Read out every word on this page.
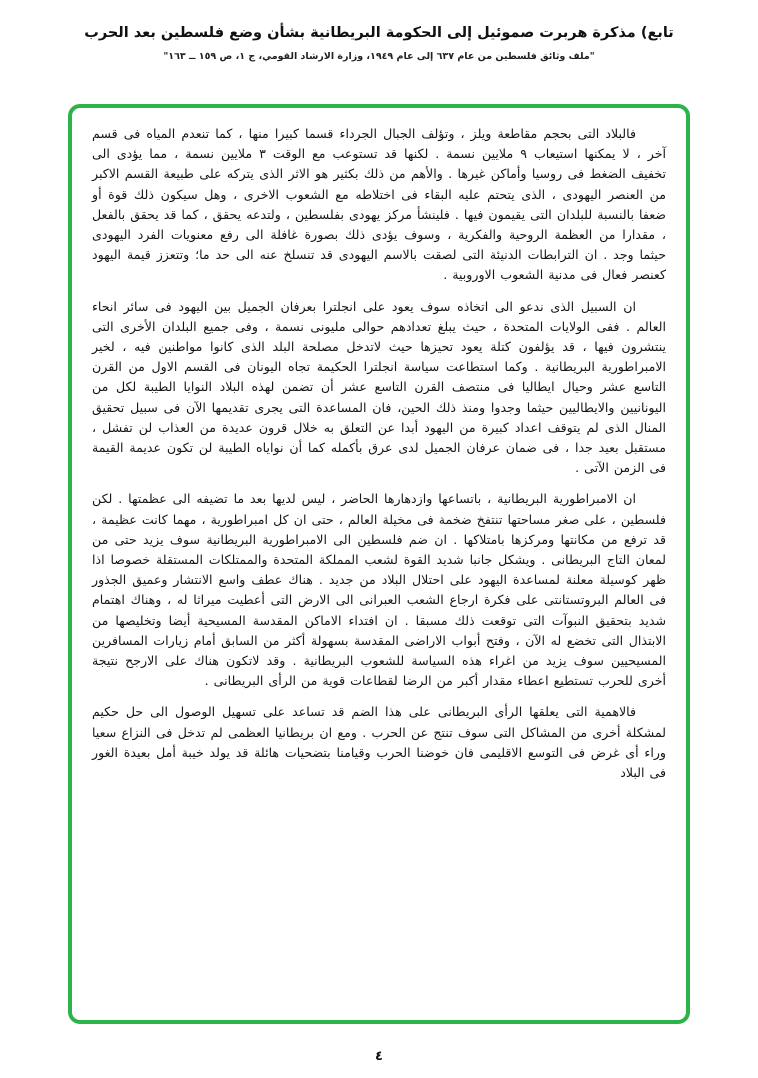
تابع) مذكرة هربرت صموئيل إلى الحكومة البريطانية بشأن وضع فلسطين بعد الحرب
"ملف وثائق فلسطين من عام ٦٣٧ إلى عام ١٩٤٩، وزارة الارشاد القومي، ج ١، ص ١٥٩ ــ ١٦٣"

فالبلاد التى بحجم مقاطعة ويلز ، وتؤلف الجبال الجرداء قسما كبيرا منها ، كما تنعدم المياه فى قسم آخر ، لا يمكنها استيعاب ٩ ملايين نسمة . لكنها قد تستوعب مع الوقت ٣ ملايين نسمة ، مما يؤدى الى تخفيف الضغط فى روسيا وأماكن غيرها . والأهم من ذلك بكثير هو الاثر الذى يتركه على طبيعة القسم الاكبر من العنصر اليهودى ، الذى يتحتم عليه البقاء فى اختلاطه مع الشعوب الاخرى ، وهل سيكون ذلك قوة أو ضعفا بالنسبة للبلدان التى يقيمون فيها . فلينشأ مركز يهودى بفلسطين ، ولتدعه يحقق ، كما قد يحقق بالفعل ، مقدارا من العظمة الروحية والفكرية ، وسوف يؤدى ذلك بصورة غافلة الى رفع معنويات الفرد اليهودى حيثما وجد . ان الترابطات الدنيئة التى لصقت بالاسم اليهودى قد تنسلخ عنه الى حد ما؛ وتتعزز قيمة اليهود كعنصر فعال فى مدنية الشعوب الاوروبية .

ان السبيل الذى ندعو الى اتخاذه سوف يعود على انجلترا بعرفان الجميل بين اليهود فى سائر انحاء العالم . ففى الولايات المتحدة ، حيث يبلغ تعدادهم حوالى مليونى نسمة ، وفى جميع البلدان الأخرى التى ينتشرون فيها ، قد يؤلفون كتلة يعود تحيزها حيث لاتدخل مصلحة البلد الذى كانوا مواطنين فيه ، لخير الامبراطورية البريطانية . وكما استطاعت سياسة انجلترا الحكيمة تجاه اليونان فى القسم الاول من القرن التاسع عشر وحيال ايطاليا فى منتصف القرن التاسع عشر أن تضمن لهذه البلاد النوايا الطيبة لكل من اليونانيين والايطاليين حيثما وجدوا ومنذ ذلك الحين، فان المساعدة التى يجرى تقديمها الآن فى سبيل تحقيق المنال الذى لم يتوقف اعداد كبيرة من اليهود أبدا عن التعلق به خلال قرون عديدة من العذاب لن تفشل ، مستقبل بعيد جدا ، فى ضمان عرفان الجميل لدى عرق بأكمله كما أن نواياه الطيبة لن تكون عديمة القيمة فى الزمن الآتى .

ان الامبراطورية البريطانية ، باتساعها وازدهارها الحاضر ، ليس لديها بعد ما تضيفه الى عظمتها . لكن فلسطين ، على صغر مساحتها تنتفخ ضخمة فى مخيلة العالم ، حتى ان كل امبراطورية ، مهما كانت عظيمة ، قد ترفع من مكانتها ومركزها بامتلاكها . ان ضم فلسطين الى الامبراطورية البريطانية سوف يزيد حتى من لمعان التاج البريطانى . ويشكل جانبا شديد القوة لشعب المملكة المتحدة والممتلكات المستقلة خصوصا اذا ظهر كوسيلة معلنة لمساعدة اليهود على احتلال البلاد من جديد . هناك عطف واسع الانتشار وعميق الجذور فى العالم البروتستانتى على فكرة ارجاع الشعب العبرانى الى الارض التى أعطيت ميراثا له ، وهناك اهتمام شديد بتحقيق النبوآت التى توقعت ذلك مسبقا . ان افتداء الاماكن المقدسة المسيحية أيضا وتخليصها من الابتذال التى تخضع له الآن ، وفتح أبواب الاراضى المقدسة بسهولة أكثر من السابق أمام زيارات المسافرين المسيحيين سوف يزيد من اغراء هذه السياسة للشعوب البريطانية . وقد لاتكون هناك على الارجح نتيجة أخرى للحرب تستطيع اعطاء مقدار أكبر من الرضا لقطاعات قوية من الرأى البريطانى .

فالاهمية التى يعلقها الرأى البريطانى على هذا الضم قد تساعد على تسهيل الوصول الى حل حكيم لمشكلة أخرى من المشاكل التى سوف تنتج عن الحرب . ومع ان بريطانيا العظمى لم تدخل فى النزاع سعيا وراء أى غرض فى التوسع الاقليمى فان خوضنا الحرب وقيامنا بتضحيات هائلة قد يولد خيبة أمل بعيدة الغور فى البلاد

٤
